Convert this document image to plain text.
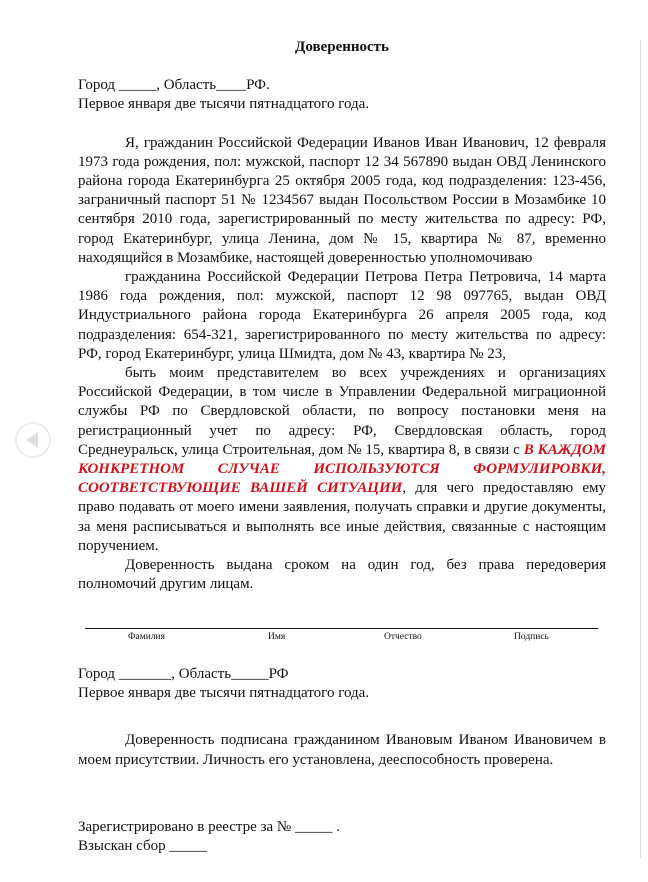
Доверенность

Город _____, Область____РФ.

Первое января две тысячи пятнадцатого года.

Я, гражданин Российской Федерации Иванов Иван Иванович, 12 февраля 1973 года рождения, пол: мужской, паспорт 12 34 567890 выдан ОВД Ленинского района города Екатеринбурга 25 октября 2005 года, код подразделения: 123-456, заграничный паспорт 51 № 1234567 выдан Посольством России в Мозамбике 10 сентября 2010 года, зарегистрированный по месту жительства по адресу: РФ, город Екатеринбург, улица Ленина, дом № 15, квартира № 87, временно находящийся в Мозамбике, настоящей доверенностью уполномочиваю

гражданина Российской Федерации Петрова Петра Петровича, 14 марта 1986 года рождения, пол: мужской, паспорт 12 98 097765, выдан ОВД Индустриального района города Екатеринбурга 26 апреля 2005 года, код подразделения: 654-321, зарегистрированного по месту жительства по адресу: РФ, город Екатеринбург, улица Шмидта, дом № 43, квартира № 23,

быть моим представителем во всех учреждениях и организациях Российской Федерации, в том числе в Управлении Федеральной миграционной службы РФ по Свердловской области, по вопросу постановки меня на регистрационный учет по адресу: РФ, Свердловская область, город Среднеуральск, улица Строительная, дом № 15, квартира 8, в связи с В КАЖДОМ КОНКРЕТНОМ СЛУЧАЕ ИСПОЛЬЗУЮТСЯ ФОРМУЛИРОВКИ, СООТВЕТСТВУЮЩИЕ ВАШЕЙ СИТУАЦИИ, для чего предоставляю ему право подавать от моего имени заявления, получать справки и другие документы, за меня расписываться и выполнять все иные действия, связанные с настоящим поручением.

Доверенность выдана сроком на один год, без права передоверия полномочий другим лицам.

Фамилия	Имя	Отчество	Подпись

Город _______, Область_____РФ

Первое января две тысячи пятнадцатого года.

Доверенность подписана гражданином Ивановым Иваном Ивановичем в моем присутствии. Личность его установлена, дееспособность проверена.

Зарегистрировано в реестре за № _____ .

Взыскан сбор _____
